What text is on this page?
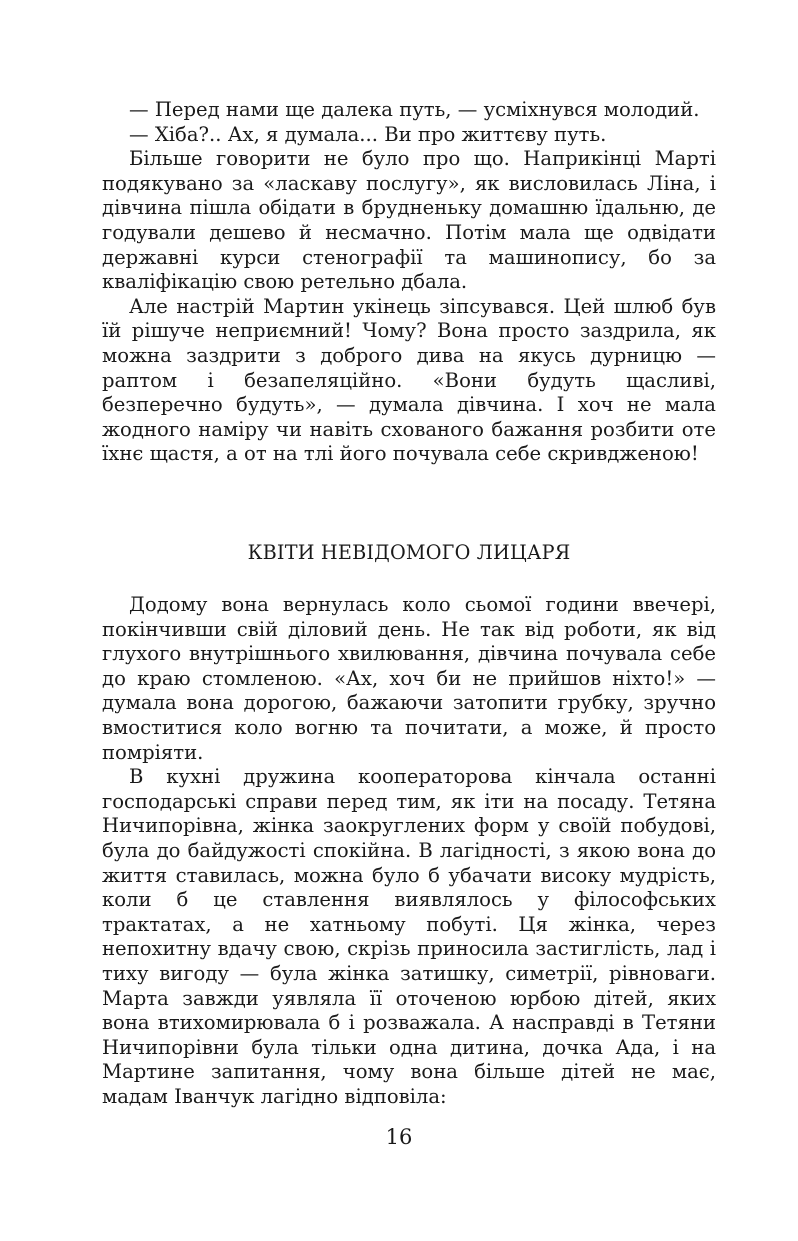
— Перед нами ще далека путь, — усміхнувся молодий.

— Хіба?.. Ах, я думала... Ви про життєву путь.

Більше говорити не було про що. Наприкінці Марті подякувано за «ласкаву послугу», як висловилась Ліна, і дівчина пішла обідати в брудненьку домашню їдальню, де годували дешево й несмачно. Потім мала ще одвідати державні курси стенографії та машинопису, бо за кваліфікацію свою ретельно дбала.

Але настрій Мартин укінець зіпсувався. Цей шлюб був їй рішуче неприємний! Чому? Вона просто заздрила, як можна заздрити з доброго дива на якусь дурницю — раптом і безапеляційно. «Вони будуть щасливі, безперечно будуть», — думала дівчина. І хоч не мала жодного наміру чи навіть схованого бажання розбити оте їхнє щастя, а от на тлі його почувала себе скривдженою!

КВІТИ НЕВІДОМОГО ЛИЦАРЯ

Додому вона вернулась коло сьомої години ввечері, покінчивши свій діловий день. Не так від роботи, як від глухого внутрішнього хвилювання, дівчина почувала себе до краю стомленою. «Ах, хоч би не прийшов ніхто!» — думала вона дорогою, бажаючи затопити грубку, зручно вмоститися коло вогню та почитати, а може, й просто помріяти.

В кухні дружина кооператорова кінчала останні господарські справи перед тим, як іти на посаду. Тетяна Ничипорівна, жінка заокруглених форм у своїй побудові, була до байдужості спокійна. В лагідності, з якою вона до життя ставилась, можна було б убачати високу мудрість, коли б це ставлення виявлялось у філософських трактатах, а не хатньому побуті. Ця жінка, через непохитну вдачу свою, скрізь приносила застиглість, лад і тиху вигоду — була жінка затишку, симетрії, рівноваги. Марта завжди уявляла її оточеною юрбою дітей, яких вона втихомирювала б і розважала. А насправді в Тетяни Ничипорівни була тільки одна дитина, дочка Ада, і на Мартине запитання, чому вона більше дітей не має, мадам Іванчук лагідно відповіла:

16
